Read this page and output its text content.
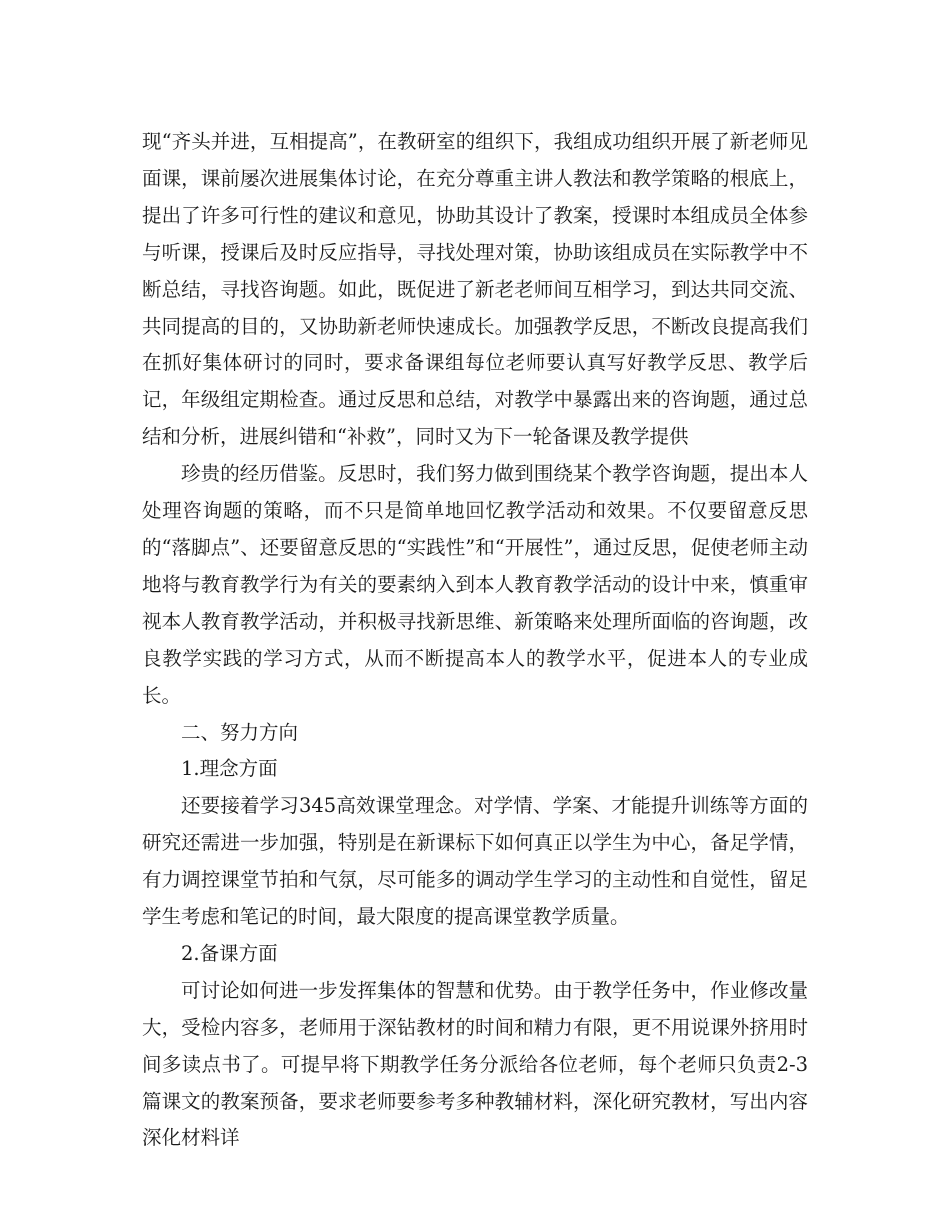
现“齐头并进，互相提高”，在教研室的组织下，我组成功组织开展了新老师见面课，课前屡次进展集体讨论，在充分尊重主讲人教法和教学策略的根底上，提出了许多可行性的建议和意见，协助其设计了教案，授课时本组成员全体参与听课，授课后及时反应指导，寻找处理对策，协助该组成员在实际教学中不断总结，寻找咨询题。如此，既促进了新老老师间互相学习，到达共同交流、共同提高的目的，又协助新老师快速成长。加强教学反思，不断改良提高我们在抓好集体研讨的同时，要求备课组每位老师要认真写好教学反思、教学后记，年级组定期检查。通过反思和总结，对教学中暴露出来的咨询题，通过总结和分析，进展纠错和“补救”，同时又为下一轮备课及教学提供

珍贵的经历借鉴。反思时，我们努力做到围绕某个教学咨询题，提出本人处理咨询题的策略，而不只是简单地回忆教学活动和效果。不仅要留意反思的“落脚点”、还要留意反思的“实践性”和“开展性”，通过反思，促使老师主动地将与教育教学行为有关的要素纳入到本人教育教学活动的设计中来，慎重审视本人教育教学活动，并积极寻找新思维、新策略来处理所面临的咨询题，改良教学实践的学习方式，从而不断提高本人的教学水平，促进本人的专业成长。

二、努力方向

1.理念方面

还要接着学习345高效课堂理念。对学情、学案、才能提升训练等方面的研究还需进一步加强，特别是在新课标下如何真正以学生为中心，备足学情，有力调控课堂节拍和气氛，尽可能多的调动学生学习的主动性和自觉性，留足学生考虑和笔记的时间，最大限度的提高课堂教学质量。

2.备课方面

可讨论如何进一步发挥集体的智慧和优势。由于教学任务中，作业修改量大，受检内容多，老师用于深钻教材的时间和精力有限，更不用说课外挤用时间多读点书了。可提早将下期教学任务分派给各位老师，每个老师只负责2-3篇课文的教案预备，要求老师要参考多种教辅材料，深化研究教材，写出内容深化材料详
